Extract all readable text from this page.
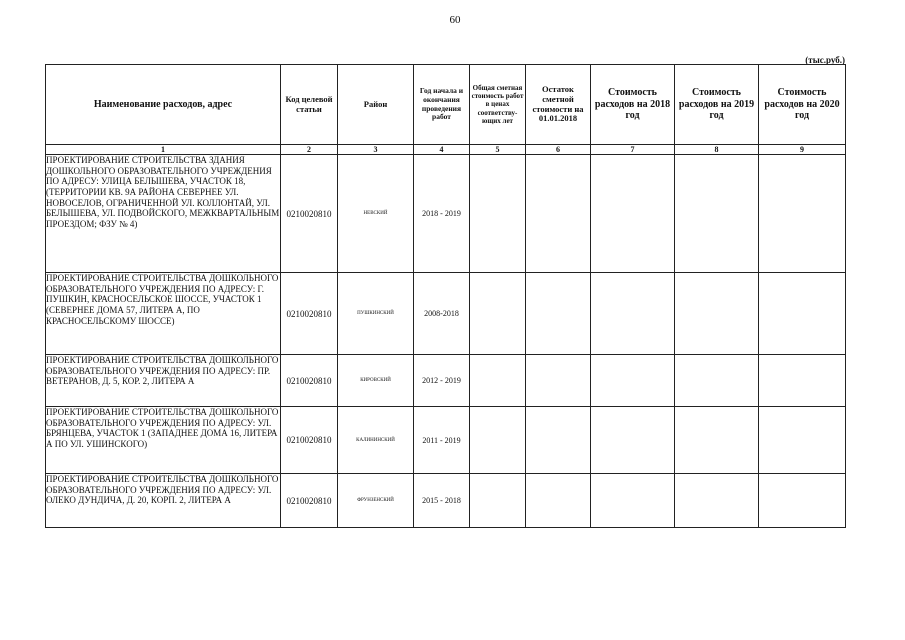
60
(тыс.руб.)
Наименование расходов, адрес	Код целевой статьи	Район	Год начала и окончания проведения работ	Общая сметная стоимость работ в ценах соответству-ющих лет	Остаток сметной стоимости на 01.01.2018	Стоимость расходов на 2018 год	Стоимость расходов на 2019 год	Стоимость расходов на 2020 год
1	2	3	4	5	6	7	8	9
ПРОЕКТИРОВАНИЕ СТРОИТЕЛЬСТВА ЗДАНИЯ ДОШКОЛЬНОГО ОБРАЗОВАТЕЛЬНОГО УЧРЕЖДЕНИЯ ПО АДРЕСУ: УЛИЦА БЕЛЫШЕВА, УЧАСТОК 18, (ТЕРРИТОРИИ КВ. 9А РАЙОНА СЕВЕРНЕЕ УЛ. НОВОСЕЛОВ, ОГРАНИЧЕННОЙ УЛ. КОЛЛОНТАЙ, УЛ. БЕЛЫШЕВА, УЛ. ПОДВОЙСКОГО, МЕЖКВАРТАЛЬНЫМ ПРОЕЗДОМ; ФЗУ № 4)	0210020810	НЕВСКИЙ	2018 - 2019					
ПРОЕКТИРОВАНИЕ СТРОИТЕЛЬСТВА ДОШКОЛЬНОГО ОБРАЗОВАТЕЛЬНОГО УЧРЕЖДЕНИЯ ПО АДРЕСУ: Г. ПУШКИН, КРАСНОСЕЛЬСКОЕ ШОССЕ, УЧАСТОК 1 (СЕВЕРНЕЕ ДОМА 57, ЛИТЕРА А, ПО КРАСНОСЕЛЬСКОМУ ШОССЕ)	0210020810	ПУШКИНСКИЙ	2008-2018					
ПРОЕКТИРОВАНИЕ СТРОИТЕЛЬСТВА ДОШКОЛЬНОГО ОБРАЗОВАТЕЛЬНОГО УЧРЕЖДЕНИЯ ПО АДРЕСУ: ПР. ВЕТЕРАНОВ, Д. 5, КОР. 2, ЛИТЕРА А	0210020810	КИРОВСКИЙ	2012 - 2019					
ПРОЕКТИРОВАНИЕ СТРОИТЕЛЬСТВА ДОШКОЛЬНОГО ОБРАЗОВАТЕЛЬНОГО УЧРЕЖДЕНИЯ ПО АДРЕСУ: УЛ. БРЯНЦЕВА, УЧАСТОК 1 (ЗАПАДНЕЕ ДОМА 16, ЛИТЕРА А ПО УЛ. УШИНСКОГО)	0210020810	КАЛИНИНСКИЙ	2011 - 2019					
ПРОЕКТИРОВАНИЕ СТРОИТЕЛЬСТВА ДОШКОЛЬНОГО ОБРАЗОВАТЕЛЬНОГО УЧРЕЖДЕНИЯ ПО АДРЕСУ: УЛ. ОЛЕКО ДУНДИЧА, Д. 20, КОРП. 2, ЛИТЕРА А	0210020810	ФРУНЗЕНСКИЙ	2015 - 2018					
